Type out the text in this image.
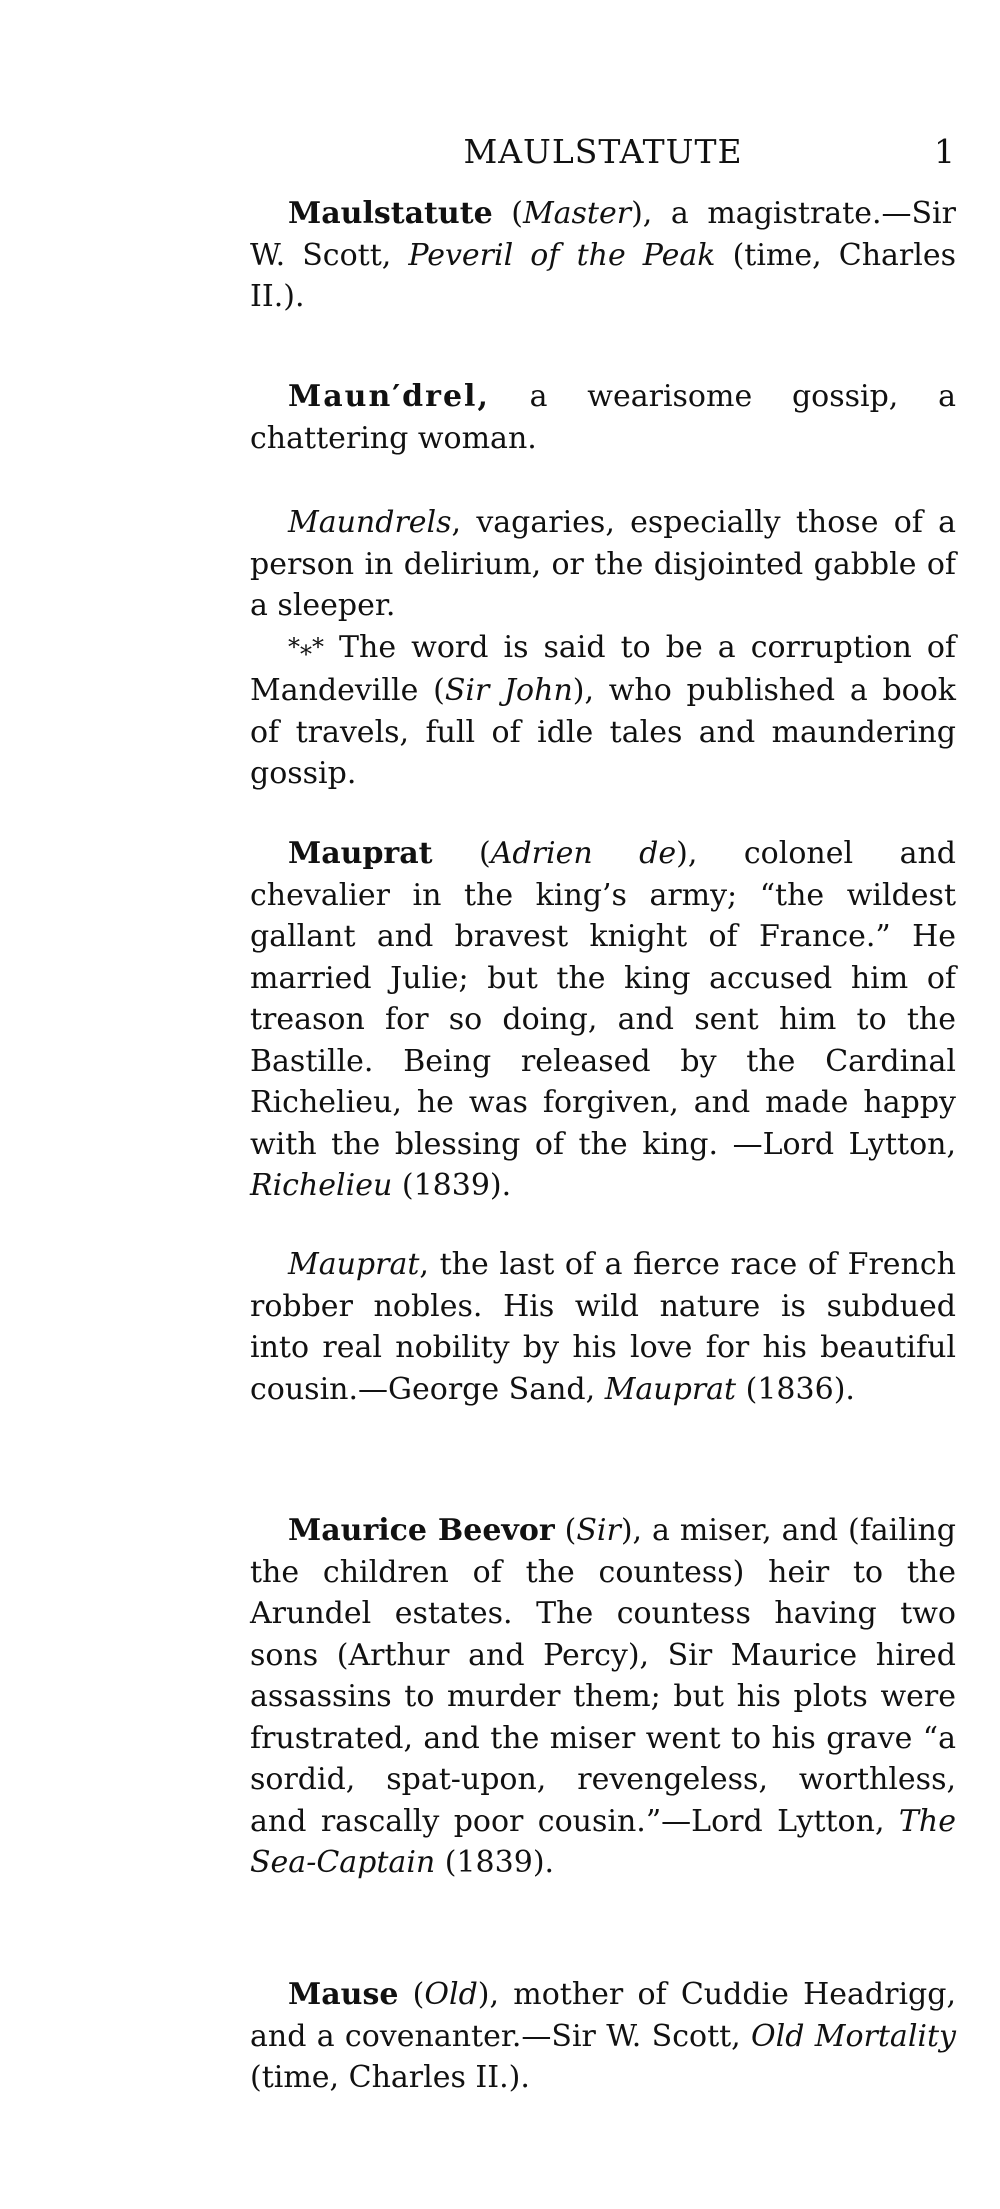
MAULSTATUTE	1

Maulstatute (Master), a magistrate.—Sir W. Scott, Peveril of the Peak (time, Charles II.).

Maun′drel, a wearisome gossip, a chattering woman.

Maundrels, vagaries, especially those of a person in delirium, or the disjointed gabble of a sleeper.

*⁎* The word is said to be a corruption of Mandeville (Sir John), who published a book of travels, full of idle tales and maundering gossip.

Mauprat (Adrien de), colonel and chevalier in the king’s army; “the wildest gallant and bravest knight of France.” He married Julie; but the king accused him of treason for so doing, and sent him to the Bastille. Being released by the Cardinal Richelieu, he was forgiven, and made happy with the blessing of the king. —Lord Lytton, Richelieu (1839).

Mauprat, the last of a fierce race of French robber nobles. His wild nature is subdued into real nobility by his love for his beautiful cousin.—George Sand, Mauprat (1836).

Maurice Beevor (Sir), a miser, and (failing the children of the countess) heir to the Arundel estates. The countess having two sons (Arthur and Percy), Sir Maurice hired assassins to murder them; but his plots were frustrated, and the miser went to his grave “a sordid, spat-upon, revengeless, worthless, and rascally poor cousin.”—Lord Lytton, The Sea-Captain (1839).

Mause (Old), mother of Cuddie Headrigg, and a covenanter.—Sir W. Scott, Old Mortality (time, Charles II.).
